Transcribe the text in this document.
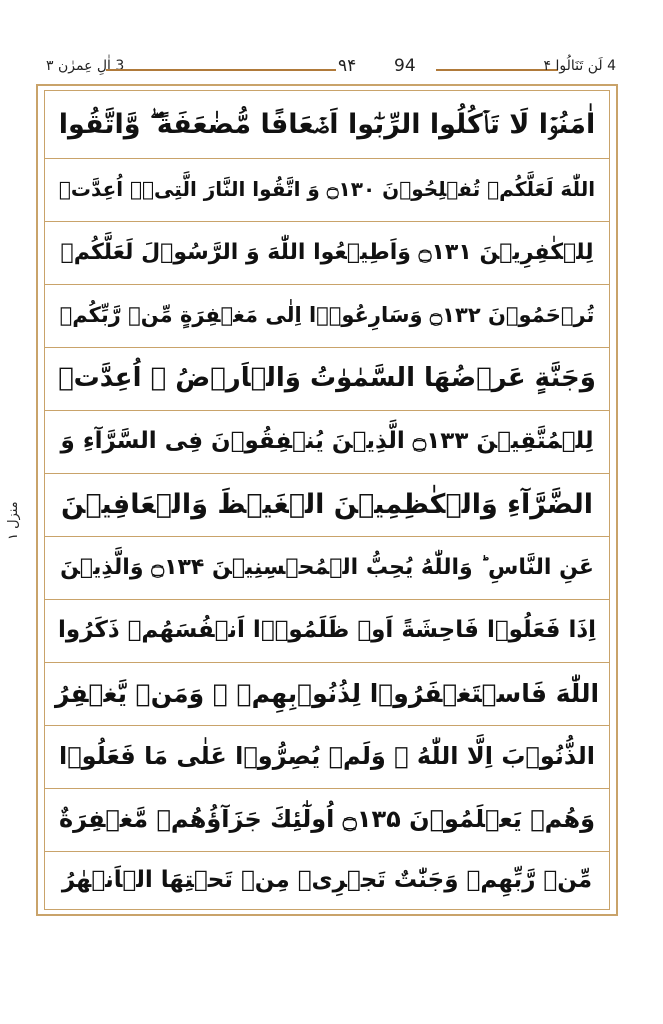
3 اٰلِ عِمرٰن ۳	۹۴ 94	4 لَن تَنَالُوا ۴
منزل ۱
اٰمَنُوۡا لَا تَاۡكُلُوا الرِّبٰٓوا اَضۡعَافًا مُّضٰعَفَةً ۖ وَّاتَّقُوا
اللّٰهَ لَعَلَّكُمۡ تُفۡلِحُوۡنَ ۝۱۳۰ وَ اتَّقُوا النَّارَ الَّتِىۡۤ اُعِدَّتۡ
لِلۡكٰفِرِيۡنَ ۝۱۳۱ وَاَطِيۡعُوا اللّٰهَ وَ الرَّسُوۡلَ لَعَلَّكُمۡ
تُرۡحَمُوۡنَ ۝۱۳۲ وَسَارِعُوۡۤا اِلٰى مَغۡفِرَةٍ مِّنۡ رَّبِّكُمۡ
وَجَنَّةٍ عَرۡضُهَا السَّمٰوٰتُ وَالۡاَرۡضُ ۙ اُعِدَّتۡ
لِلۡمُتَّقِيۡنَ ۝۱۳۳ الَّذِيۡنَ يُنۡفِقُوۡنَ فِى السَّرَّآءِ وَ
الضَّرَّآءِ وَالۡكٰظِمِيۡنَ الۡغَيۡظَ وَالۡعَافِيۡنَ
عَنِ النَّاسِ ؕ وَاللّٰهُ يُحِبُّ الۡمُحۡسِنِيۡنَ ۝۱۳۴ وَالَّذِيۡنَ
اِذَا فَعَلُوۡا فَاحِشَةً اَوۡ ظَلَمُوۡۤا اَنۡفُسَهُمۡ ذَكَرُوا
اللّٰهَ فَاسۡتَغۡفَرُوۡا لِذُنُوۡبِهِمۡ ۖ وَمَنۡ يَّغۡفِرُ
الذُّنُوۡبَ اِلَّا اللّٰهُ ۖ وَلَمۡ يُصِرُّوۡا عَلٰى مَا فَعَلُوۡا
وَهُمۡ يَعۡلَمُوۡنَ ۝۱۳۵ اُولٰٓئِكَ جَزَآؤُهُمۡ مَّغۡفِرَةٌ
مِّنۡ رَّبِّهِمۡ وَجَنّٰتٌ تَجۡرِىۡ مِنۡ تَحۡتِهَا الۡاَنۡهٰرُ
